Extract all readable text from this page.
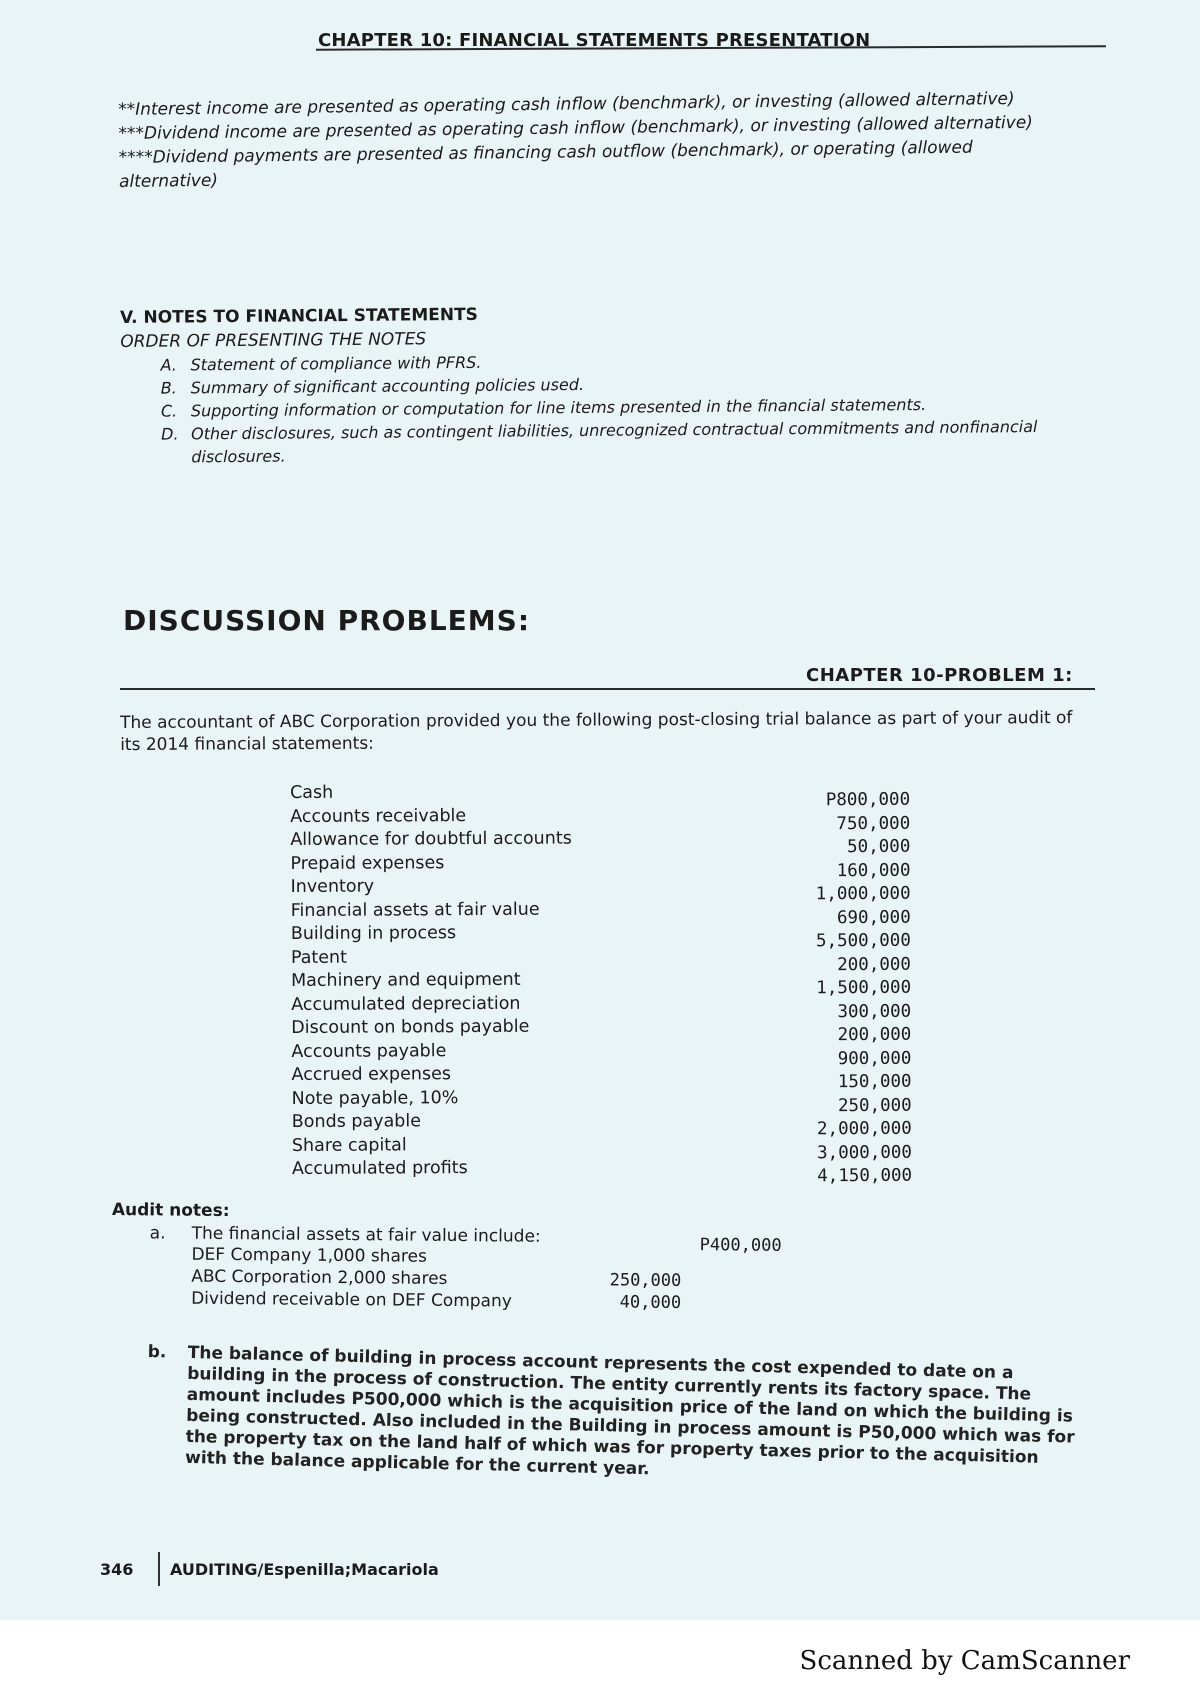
CHAPTER 10: FINANCIAL STATEMENTS PRESENTATION

**Interest income are presented as operating cash inflow (benchmark), or investing (allowed alternative)

***Dividend income are presented as operating cash inflow (benchmark), or investing (allowed alternative)

****Dividend payments are presented as financing cash outflow (benchmark), or operating (allowed alternative)

V. NOTES TO FINANCIAL STATEMENTS
ORDER OF PRESENTING THE NOTES
A. Statement of compliance with PFRS.
B. Summary of significant accounting policies used.
C. Supporting information or computation for line items presented in the financial statements.
D. Other disclosures, such as contingent liabilities, unrecognized contractual commitments and nonfinancial disclosures.
DISCUSSION PROBLEMS:
CHAPTER 10-PROBLEM 1:
The accountant of ABC Corporation provided you the following post-closing trial balance as part of your audit of its 2014 financial statements:
Cash	P800,000
Accounts receivable	750,000
Allowance for doubtful accounts	50,000
Prepaid expenses	160,000
Inventory	1,000,000
Financial assets at fair value	690,000
Building in process	5,500,000
Patent	200,000
Machinery and equipment	1,500,000
Accumulated depreciation	300,000
Discount on bonds payable	200,000
Accounts payable	900,000
Accrued expenses	150,000
Note payable, 10%	250,000
Bonds payable	2,000,000
Share capital	3,000,000
Accumulated profits	4,150,000
Audit notes:
a.	The financial assets at fair value include:
DEF Company 1,000 shares	P400,000
ABC Corporation 2,000 shares	250,000
Dividend receivable on DEF Company	40,000
b.	The balance of building in process account represents the cost expended to date on a building in the process of construction. The entity currently rents its factory space. The amount includes P500,000 which is the acquisition price of the land on which the building is being constructed. Also included in the Building in process amount is P50,000 which was for the property tax on the land half of which was for property taxes prior to the acquisition with the balance applicable for the current year.
346	AUDITING/Espenilla;Macariola
Scanned by CamScanner
